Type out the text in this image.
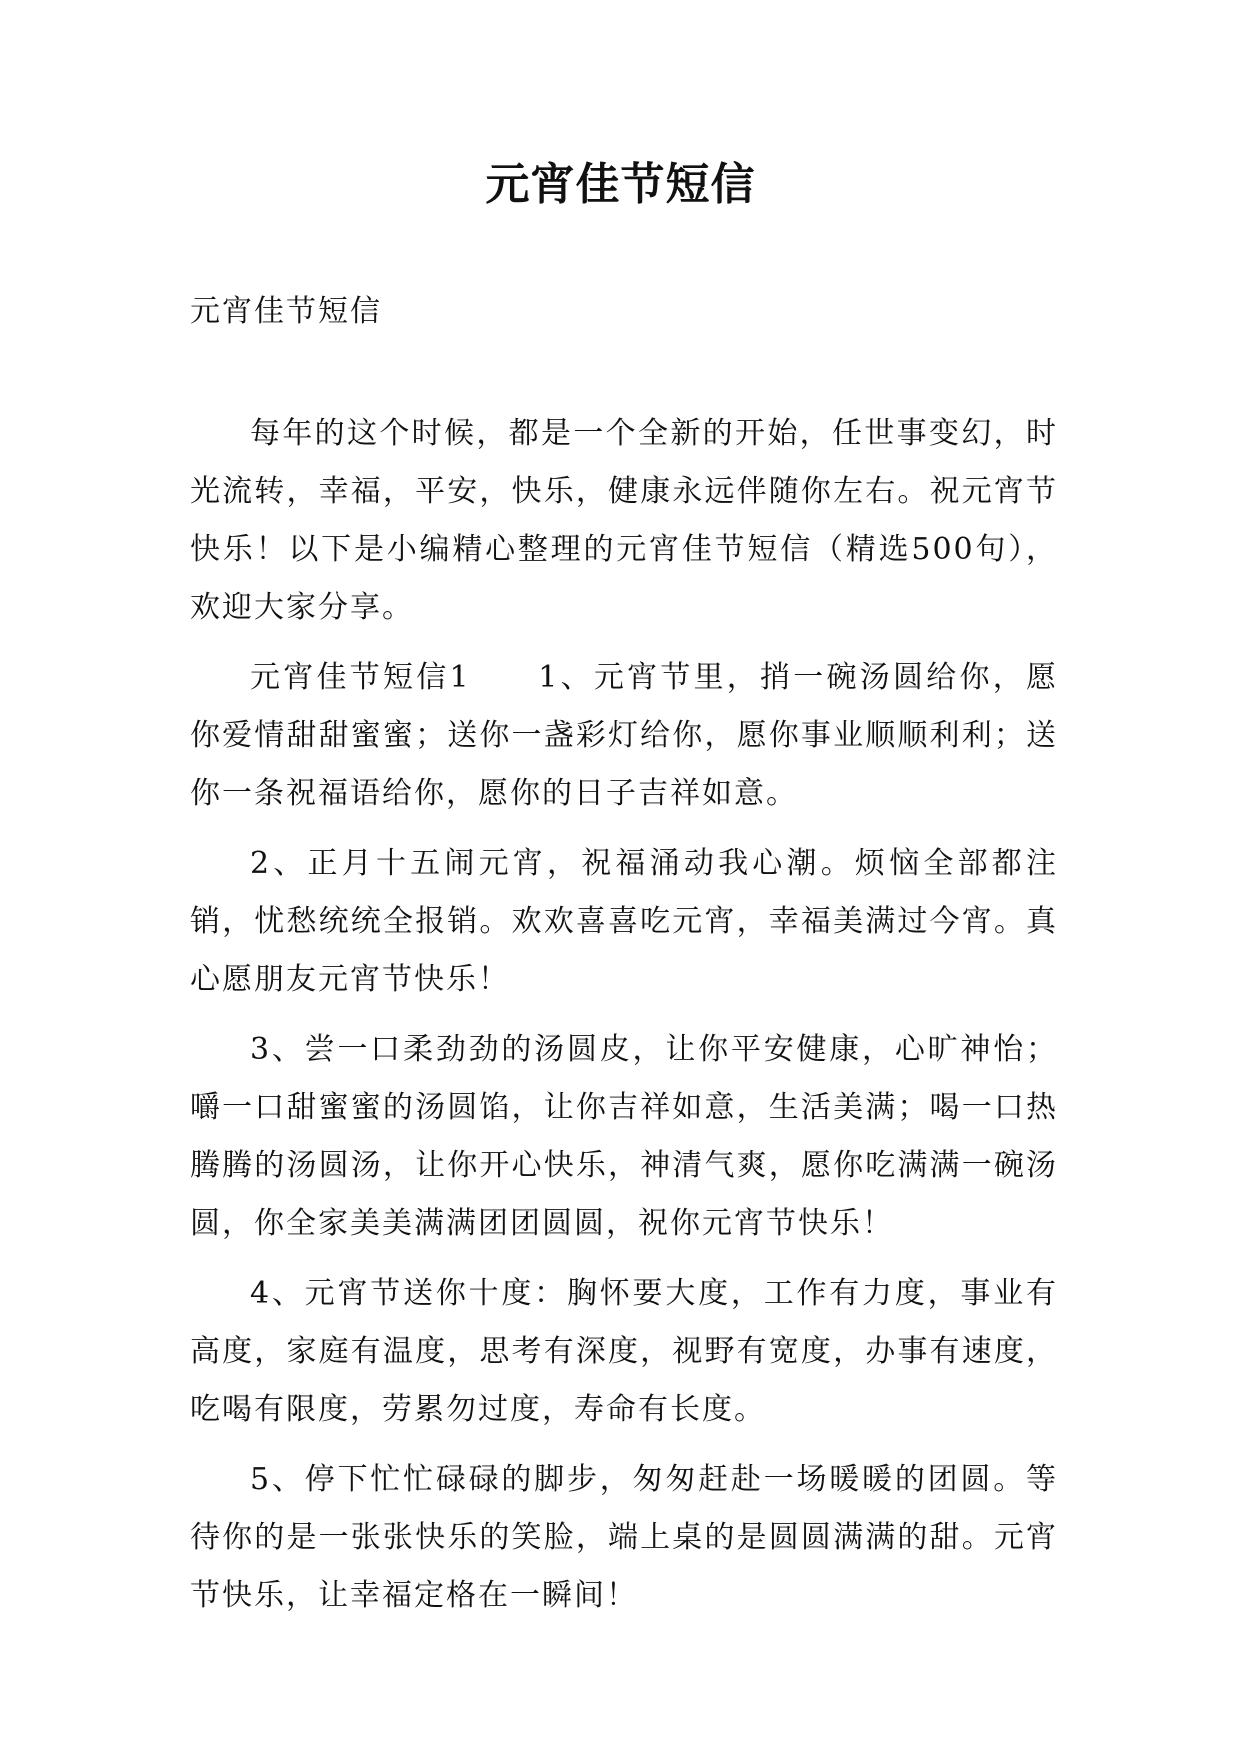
元宵佳节短信

元宵佳节短信

每年的这个时候，都是一个全新的开始，任世事变幻，时光流转，幸福，平安，快乐，健康永远伴随你左右。祝元宵节快乐！以下是小编精心整理的元宵佳节短信（精选500句），欢迎大家分享。

元宵佳节短信1　　1、元宵节里，捎一碗汤圆给你，愿你爱情甜甜蜜蜜；送你一盏彩灯给你，愿你事业顺顺利利；送你一条祝福语给你，愿你的日子吉祥如意。

2、正月十五闹元宵，祝福涌动我心潮。烦恼全部都注销，忧愁统统全报销。欢欢喜喜吃元宵，幸福美满过今宵。真心愿朋友元宵节快乐！

3、尝一口柔劲劲的汤圆皮，让你平安健康，心旷神怡；嚼一口甜蜜蜜的汤圆馅，让你吉祥如意，生活美满；喝一口热腾腾的汤圆汤，让你开心快乐，神清气爽，愿你吃满满一碗汤圆，你全家美美满满团团圆圆，祝你元宵节快乐！

4、元宵节送你十度：胸怀要大度，工作有力度，事业有高度，家庭有温度，思考有深度，视野有宽度，办事有速度，吃喝有限度，劳累勿过度，寿命有长度。

5、停下忙忙碌碌的脚步，匆匆赶赴一场暖暖的团圆。等待你的是一张张快乐的笑脸，端上桌的是圆圆满满的甜。元宵节快乐，让幸福定格在一瞬间！
